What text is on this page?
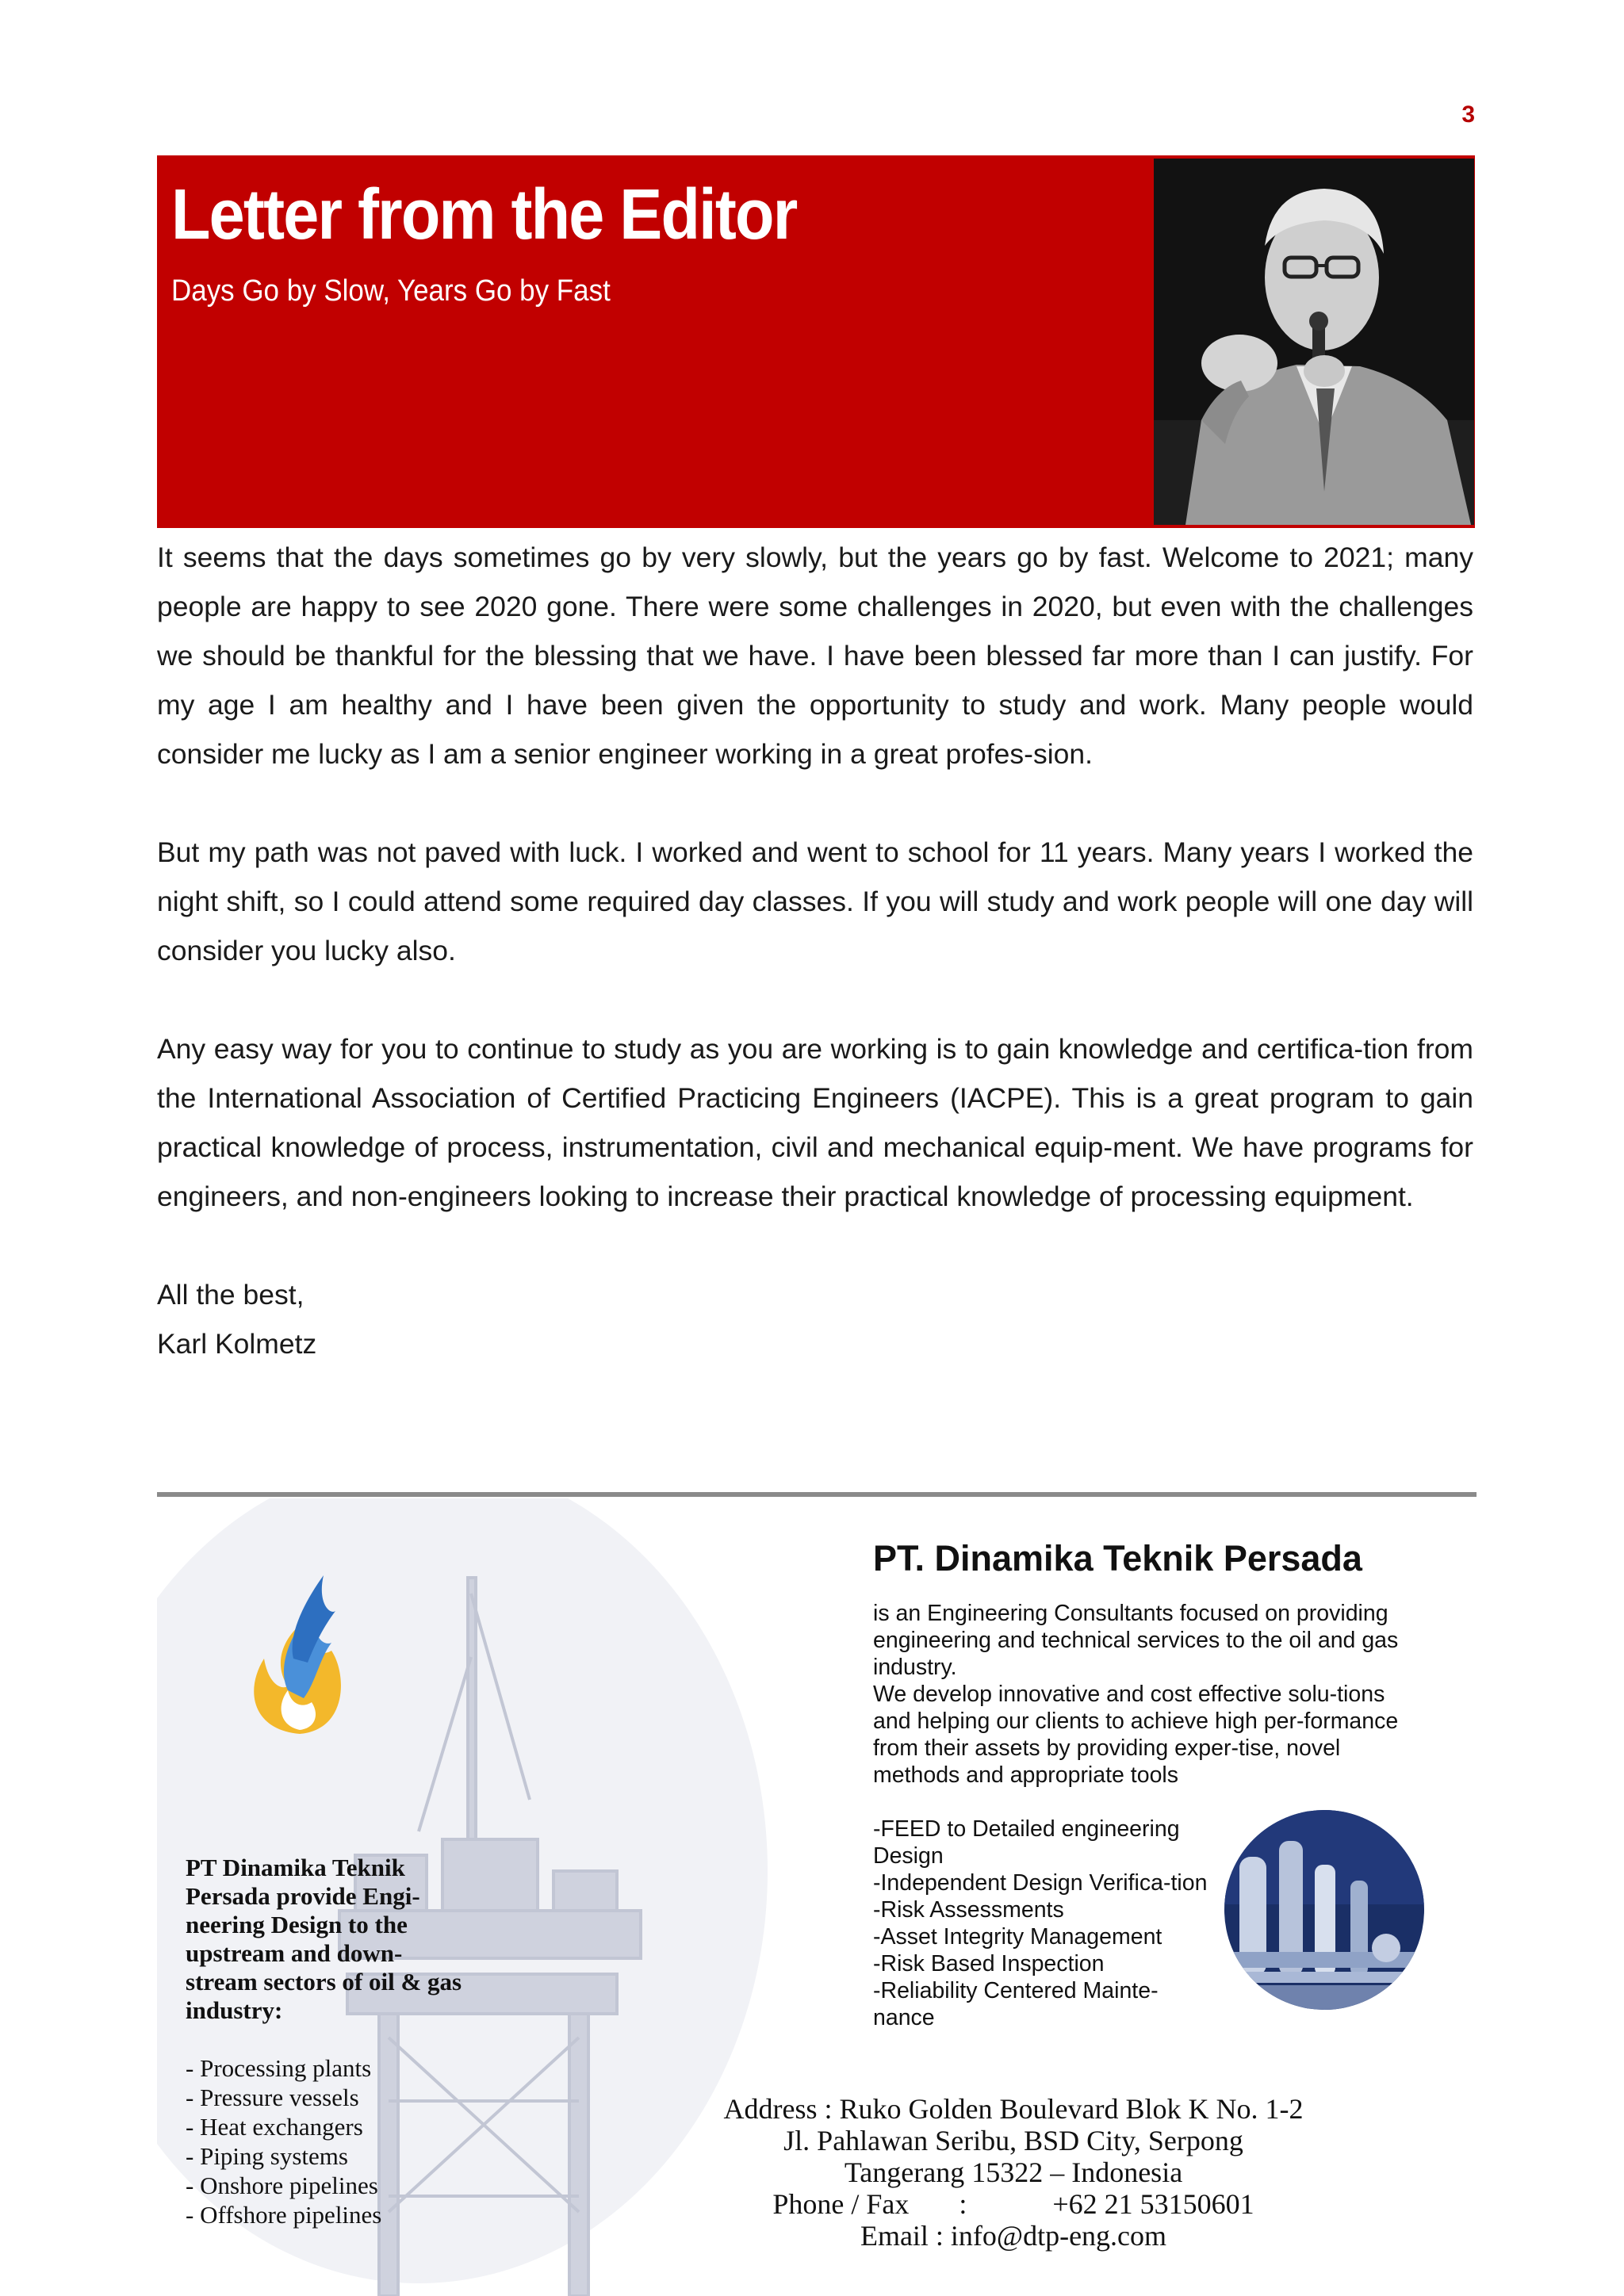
3
Letter from the Editor
Days Go by Slow, Years Go by Fast

It seems that the days sometimes go by very slowly, but the years go by fast. Welcome to 2021; many people are happy to see 2020 gone. There were some challenges in 2020, but even with the challenges we should be thankful for the blessing that we have. I have been blessed far more than I can justify. For my age I am healthy and I have been given the opportunity to study and work. Many people would consider me lucky as I am a senior engineer working in a great profes-sion.

But my path was not paved with luck. I worked and went to school for 11 years. Many years I worked the night shift, so I could attend some required day classes. If you will study and work people will one day will consider you lucky also.

Any easy way for you to continue to study as you are working is to gain knowledge and certifica-tion from the International Association of Certified Practicing Engineers (IACPE). This is a great program to gain practical knowledge of process, instrumentation, civil and mechanical equip-ment. We have programs for engineers, and non-engineers looking to increase their practical knowledge of processing equipment.

All the best,
Karl Kolmetz
PT Dinamika Teknik Persada provide Engi-neering Design to the upstream and down-stream sectors of oil & gas industry:
- Processing plants
- Pressure vessels
- Heat exchangers
- Piping systems
- Onshore pipelines
- Offshore pipelines
PT. Dinamika Teknik Persada
is an Engineering Consultants focused on providing engineering and technical services to the oil and gas industry.
We develop innovative and cost effective solu-tions and helping our clients to achieve high per-formance from their assets by providing exper-tise, novel methods and appropriate tools
-FEED to Detailed engineering Design
-Independent Design Verifica-tion
-Risk Assessments
-Asset Integrity Management
-Risk Based Inspection
-Reliability Centered Mainte-nance
Address : Ruko Golden Boulevard Blok K No. 1-2
Jl. Pahlawan Seribu, BSD City, Serpong
Tangerang 15322 – Indonesia
Phone / Fax       :            +62 21 53150601
Email : info@dtp-eng.com
